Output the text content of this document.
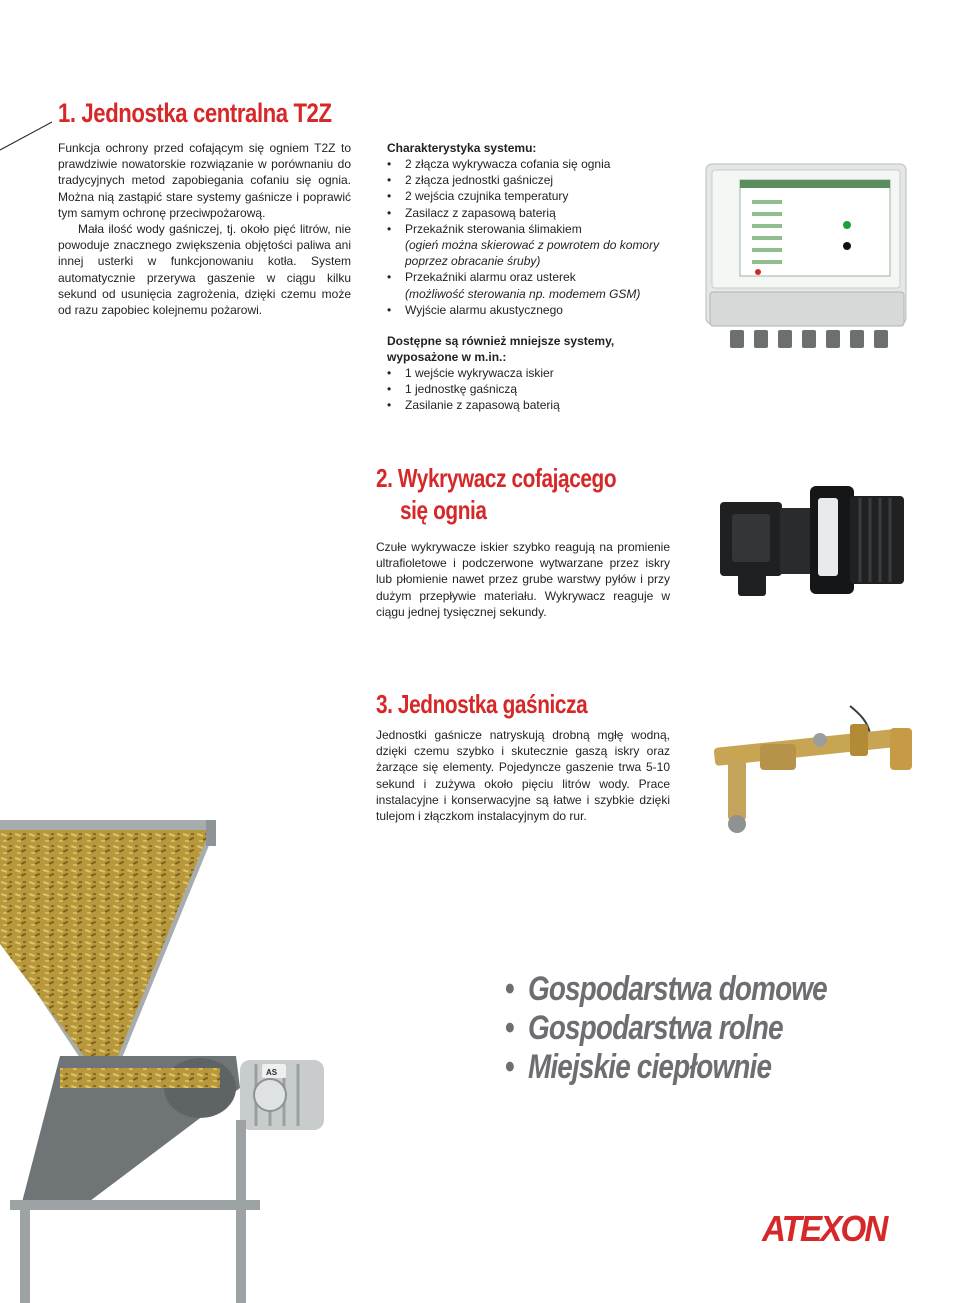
1. Jednostka centralna T2Z

Funkcja ochrony przed cofającym się ogniem T2Z to prawdziwie nowatorskie rozwiązanie w porównaniu do tradycyjnych metod zapobiegania cofaniu się ognia. Można nią zastąpić stare systemy gaśnicze i poprawić tym samym ochronę przeciwpożarową.

Mała ilość wody gaśniczej, tj. około pięć litrów, nie powoduje znacznego zwiększenia objętości paliwa ani innej usterki w funkcjonowaniu kotła. System automatycznie przerywa gaszenie w ciągu kilku sekund od usunięcia zagrożenia, dzięki czemu może od razu zapobiec kolejnemu pożarowi.

Charakterystyka systemu:
• 2 złącza wykrywacza cofania się ognia
• 2 złącza jednostki gaśniczej
• 2 wejścia czujnika temperatury
• Zasilacz z zapasową baterią
• Przekaźnik sterowania ślimakiem
(ogień można skierować z powrotem do komory
poprzez obracanie śruby)
• Przekaźniki alarmu oraz usterek
(możliwość sterowania np. modemem GSM)
• Wyjście alarmu akustycznego
Dostępne są również mniejsze systemy,
wyposażone w m.in.:
• 1 wejście wykrywacza iskier
• 1 jednostkę gaśniczą
• Zasilanie z zapasową baterią
2. Wykrywacz cofającego
się ognia
Czułe wykrywacze iskier szybko reagują na promienie ultrafioletowe i podczerwone wytwarzane przez iskry lub płomienie nawet przez grube warstwy pyłów i przy dużym przepływie materiału. Wykrywacz reaguje w ciągu jednej tysięcznej sekundy.
3. Jednostka gaśnicza
Jednostki gaśnicze natryskują drobną mgłę wodną, dzięki czemu szybko i skutecznie gaszą iskry oraz żarzące się elementy. Pojedyncze gaszenie trwa 5-10 sekund i zużywa około pięciu litrów wody. Prace instalacyjne i konserwacyjne są łatwe i szybkie dzięki tulejom i złączkom instalacyjnym do rur.
• Gospodarstwa domowe
• Gospodarstwa rolne
• Miejskie ciepłownie
AS
ATEXON
